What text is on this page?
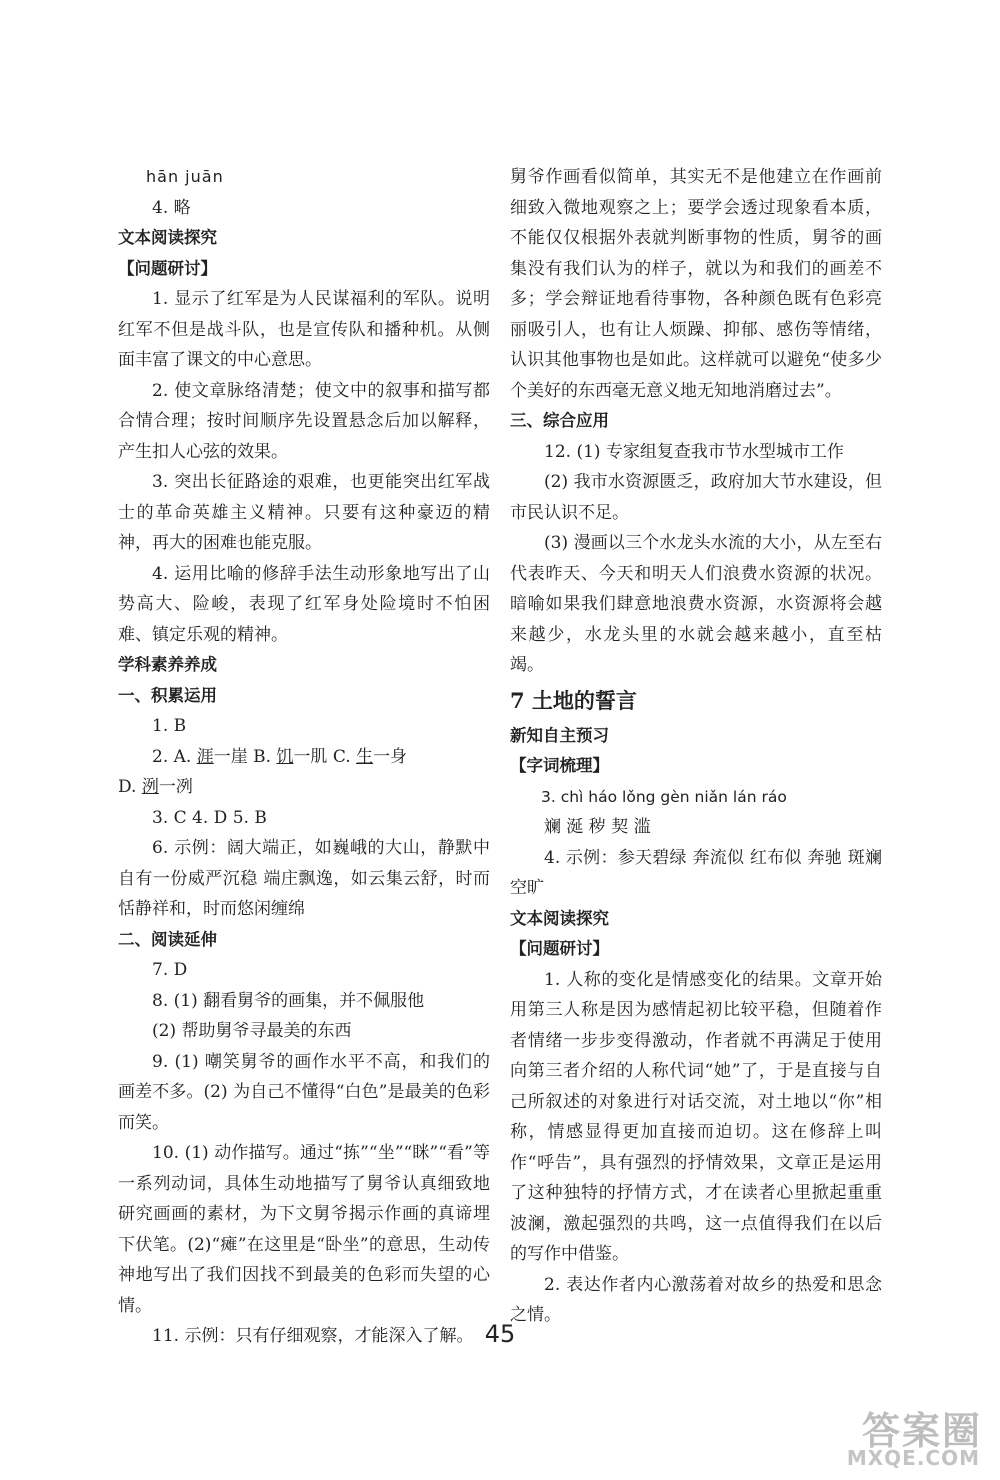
hān juān

4. 略

文本阅读探究

【问题研讨】

1. 显示了红军是为人民谋福利的军队。说明红军不但是战斗队，也是宣传队和播种机。从侧面丰富了课文的中心意思。

2. 使文章脉络清楚；使文中的叙事和描写都合情合理；按时间顺序先设置悬念后加以解释，产生扣人心弦的效果。

3. 突出长征路途的艰难，也更能突出红军战士的革命英雄主义精神。只要有这种豪迈的精神，再大的困难也能克服。

4. 运用比喻的修辞手法生动形象地写出了山势高大、险峻，表现了红军身处险境时不怕困难、镇定乐观的精神。

学科素养养成

一、积累运用

1. B

2. A. 涯一崖 B. 饥一肌 C. 生一身

D. 洌一冽

3. C 4. D 5. B

6. 示例：阔大端正，如巍峨的大山，静默中自有一份威严沉稳 端庄飘逸，如云集云舒，时而恬静祥和，时而悠闲缠绵

二、阅读延伸

7. D

8. (1) 翻看舅爷的画集，并不佩服他

(2) 帮助舅爷寻最美的东西

9. (1) 嘲笑舅爷的画作水平不高，和我们的画差不多。(2) 为自己不懂得“白色”是最美的色彩而笑。

10. (1) 动作描写。通过“拣”“坐”“眯”“看”等一系列动词，具体生动地描写了舅爷认真细致地研究画画的素材，为下文舅爷揭示作画的真谛埋下伏笔。(2)“瘫”在这里是“卧坐”的意思，生动传神地写出了我们因找不到最美的色彩而失望的心情。

11. 示例：只有仔细观察，才能深入了解。

舅爷作画看似简单，其实无不是他建立在作画前细致入微地观察之上；要学会透过现象看本质，不能仅仅根据外表就判断事物的性质，舅爷的画集没有我们认为的样子，就以为和我们的画差不多；学会辩证地看待事物，各种颜色既有色彩亮丽吸引人，也有让人烦躁、抑郁、感伤等情绪，认识其他事物也是如此。这样就可以避免“使多少个美好的东西毫无意义地无知地消磨过去”。

三、综合应用

12. (1) 专家组复查我市节水型城市工作

(2) 我市水资源匮乏，政府加大节水建设，但市民认识不足。

(3) 漫画以三个水龙头水流的大小，从左至右代表昨天、今天和明天人们浪费水资源的状况。暗喻如果我们肆意地浪费水资源，水资源将会越来越少，水龙头里的水就会越来越小，直至枯竭。

7 土地的誓言

新知自主预习

【字词梳理】

3. chì háo lǒng gèn niǎn lán ráo

斓 涎 秽 契 滥

4. 示例：参天碧绿 奔流似 红布似 奔驰 斑斓 空旷

文本阅读探究

【问题研讨】

1. 人称的变化是情感变化的结果。文章开始用第三人称是因为感情起初比较平稳，但随着作者情绪一步步变得激动，作者就不再满足于使用向第三者介绍的人称代词“她”了，于是直接与自己所叙述的对象进行对话交流，对土地以“你”相称，情感显得更加直接而迫切。这在修辞上叫作“呼告”，具有强烈的抒情效果，文章正是运用了这种独特的抒情方式，才在读者心里掀起重重波澜，激起强烈的共鸣，这一点值得我们在以后的写作中借鉴。

2. 表达作者内心激荡着对故乡的热爱和思念之情。

45
答案圈
MXQE.COM
